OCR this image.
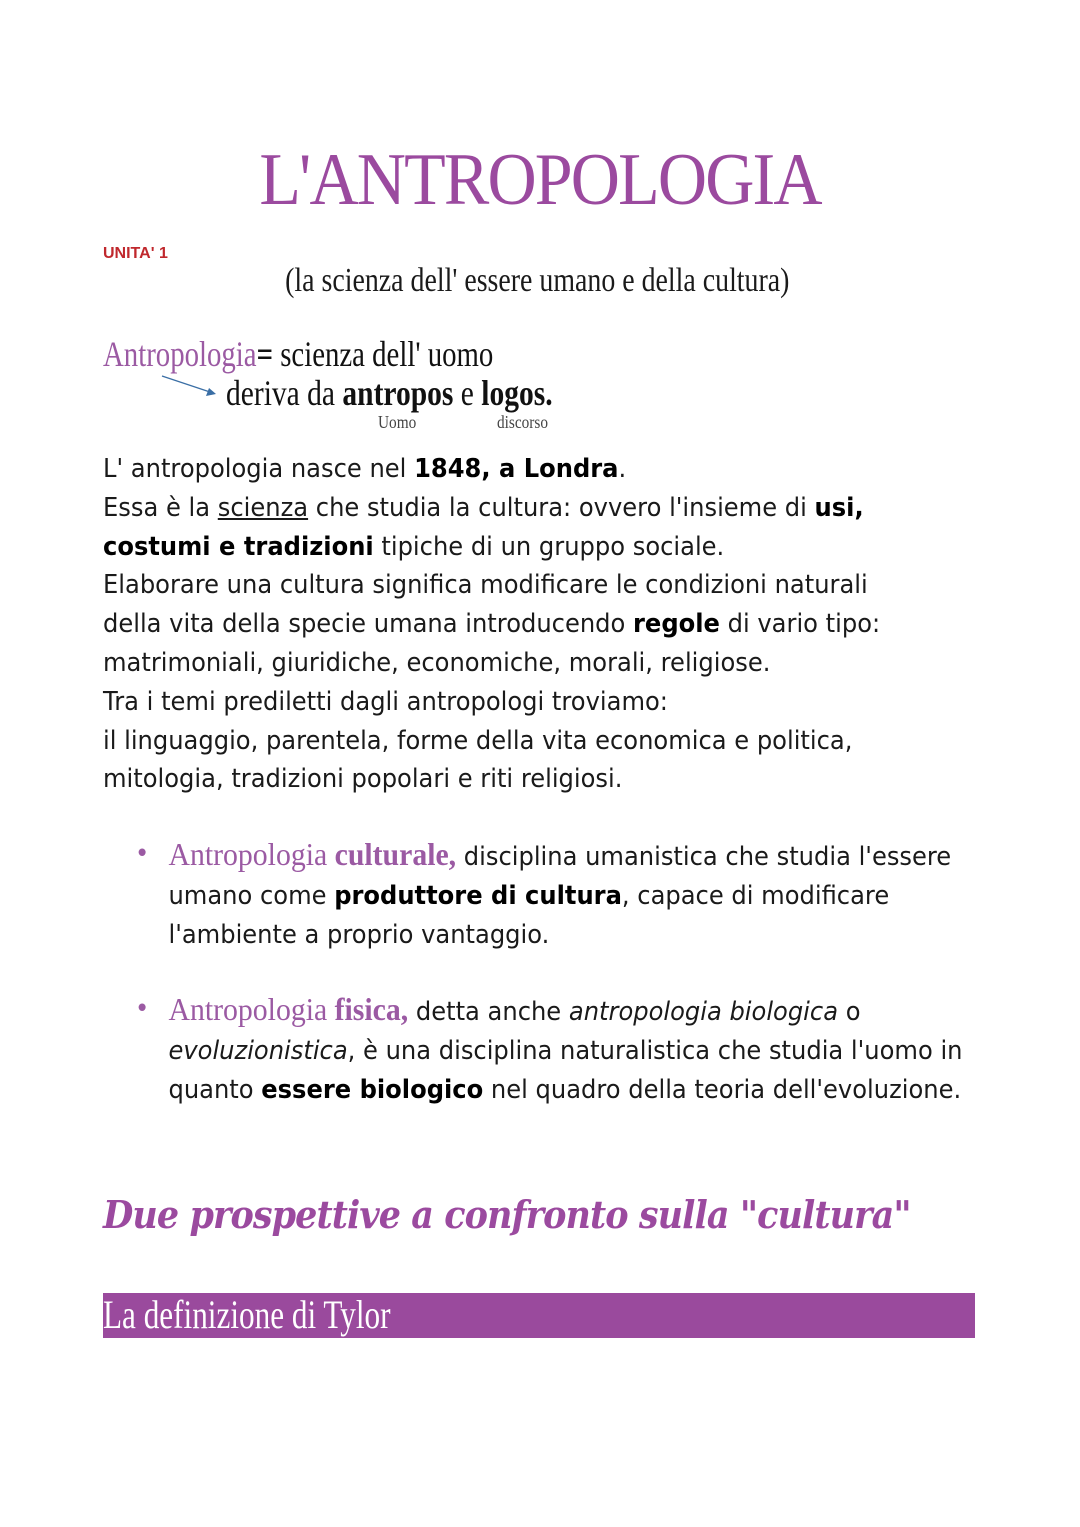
L'ANTROPOLOGIA
UNITA' 1
(la scienza dell' essere umano e della cultura)
Antropologia= scienza dell' uomo
deriva da antropos e logos.
Uomo	discorso
L' antropologia nasce nel 1848, a Londra.
Essa è la scienza che studia la cultura: ovvero l'insieme di usi, costumi e tradizioni tipiche di un gruppo sociale.
Elaborare una cultura significa modificare le condizioni naturali della vita della specie umana introducendo regole di vario tipo: matrimoniali, giuridiche, economiche, morali, religiose.
Tra i temi prediletti dagli antropologi troviamo:
il linguaggio, parentela, forme della vita economica e politica, mitologia, tradizioni popolari e riti religiosi.
• Antropologia culturale, disciplina umanistica che studia l'essere umano come produttore di cultura, capace di modificare l'ambiente a proprio vantaggio.
• Antropologia fisica, detta anche antropologia biologica o evoluzionistica, è una disciplina naturalistica che studia l'uomo in quanto essere biologico nel quadro della teoria dell'evoluzione.
Due prospettive a confronto sulla "cultura"
La definizione di Tylor
